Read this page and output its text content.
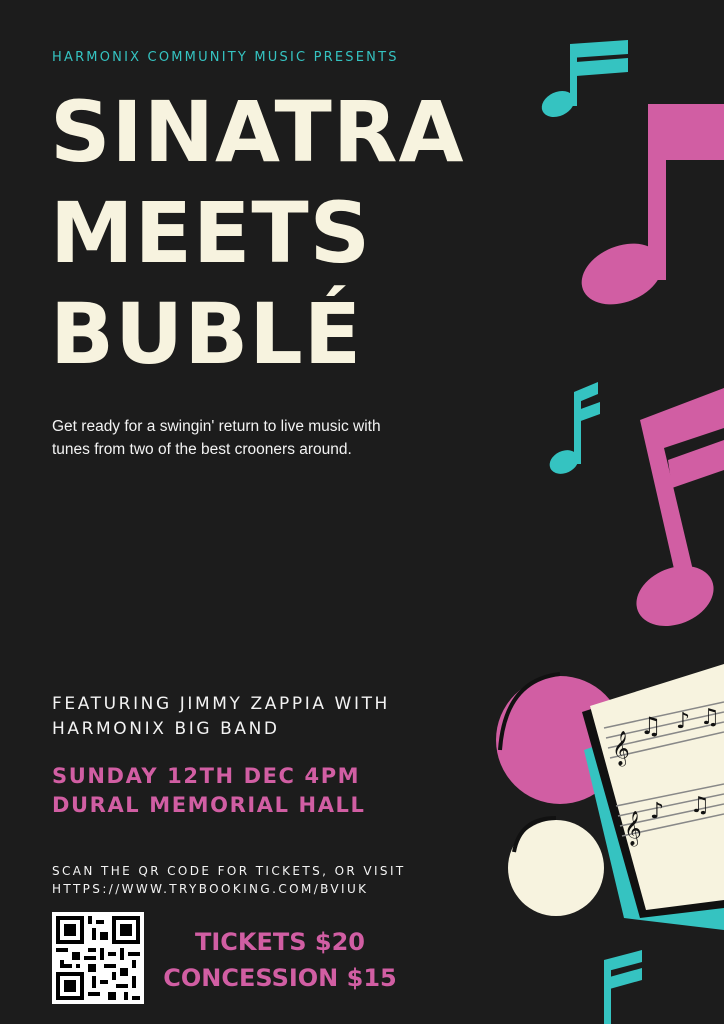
𝄞
𝄞
♫ ♪ ♫
♪ ♫
HARMONIX COMMUNITY MUSIC PRESENTS
SINATRA
MEETS
BUBLÉ
Get ready for a swingin' return to live music with tunes from two of the best crooners around.
FEATURING JIMMY ZAPPIA WITH
HARMONIX BIG BAND
SUNDAY 12TH DEC 4PM
DURAL MEMORIAL HALL
SCAN THE QR CODE FOR TICKETS, OR VISIT
HTTPS://WWW.TRYBOOKING.COM/BVIUK
TICKETS $20
CONCESSION $15
